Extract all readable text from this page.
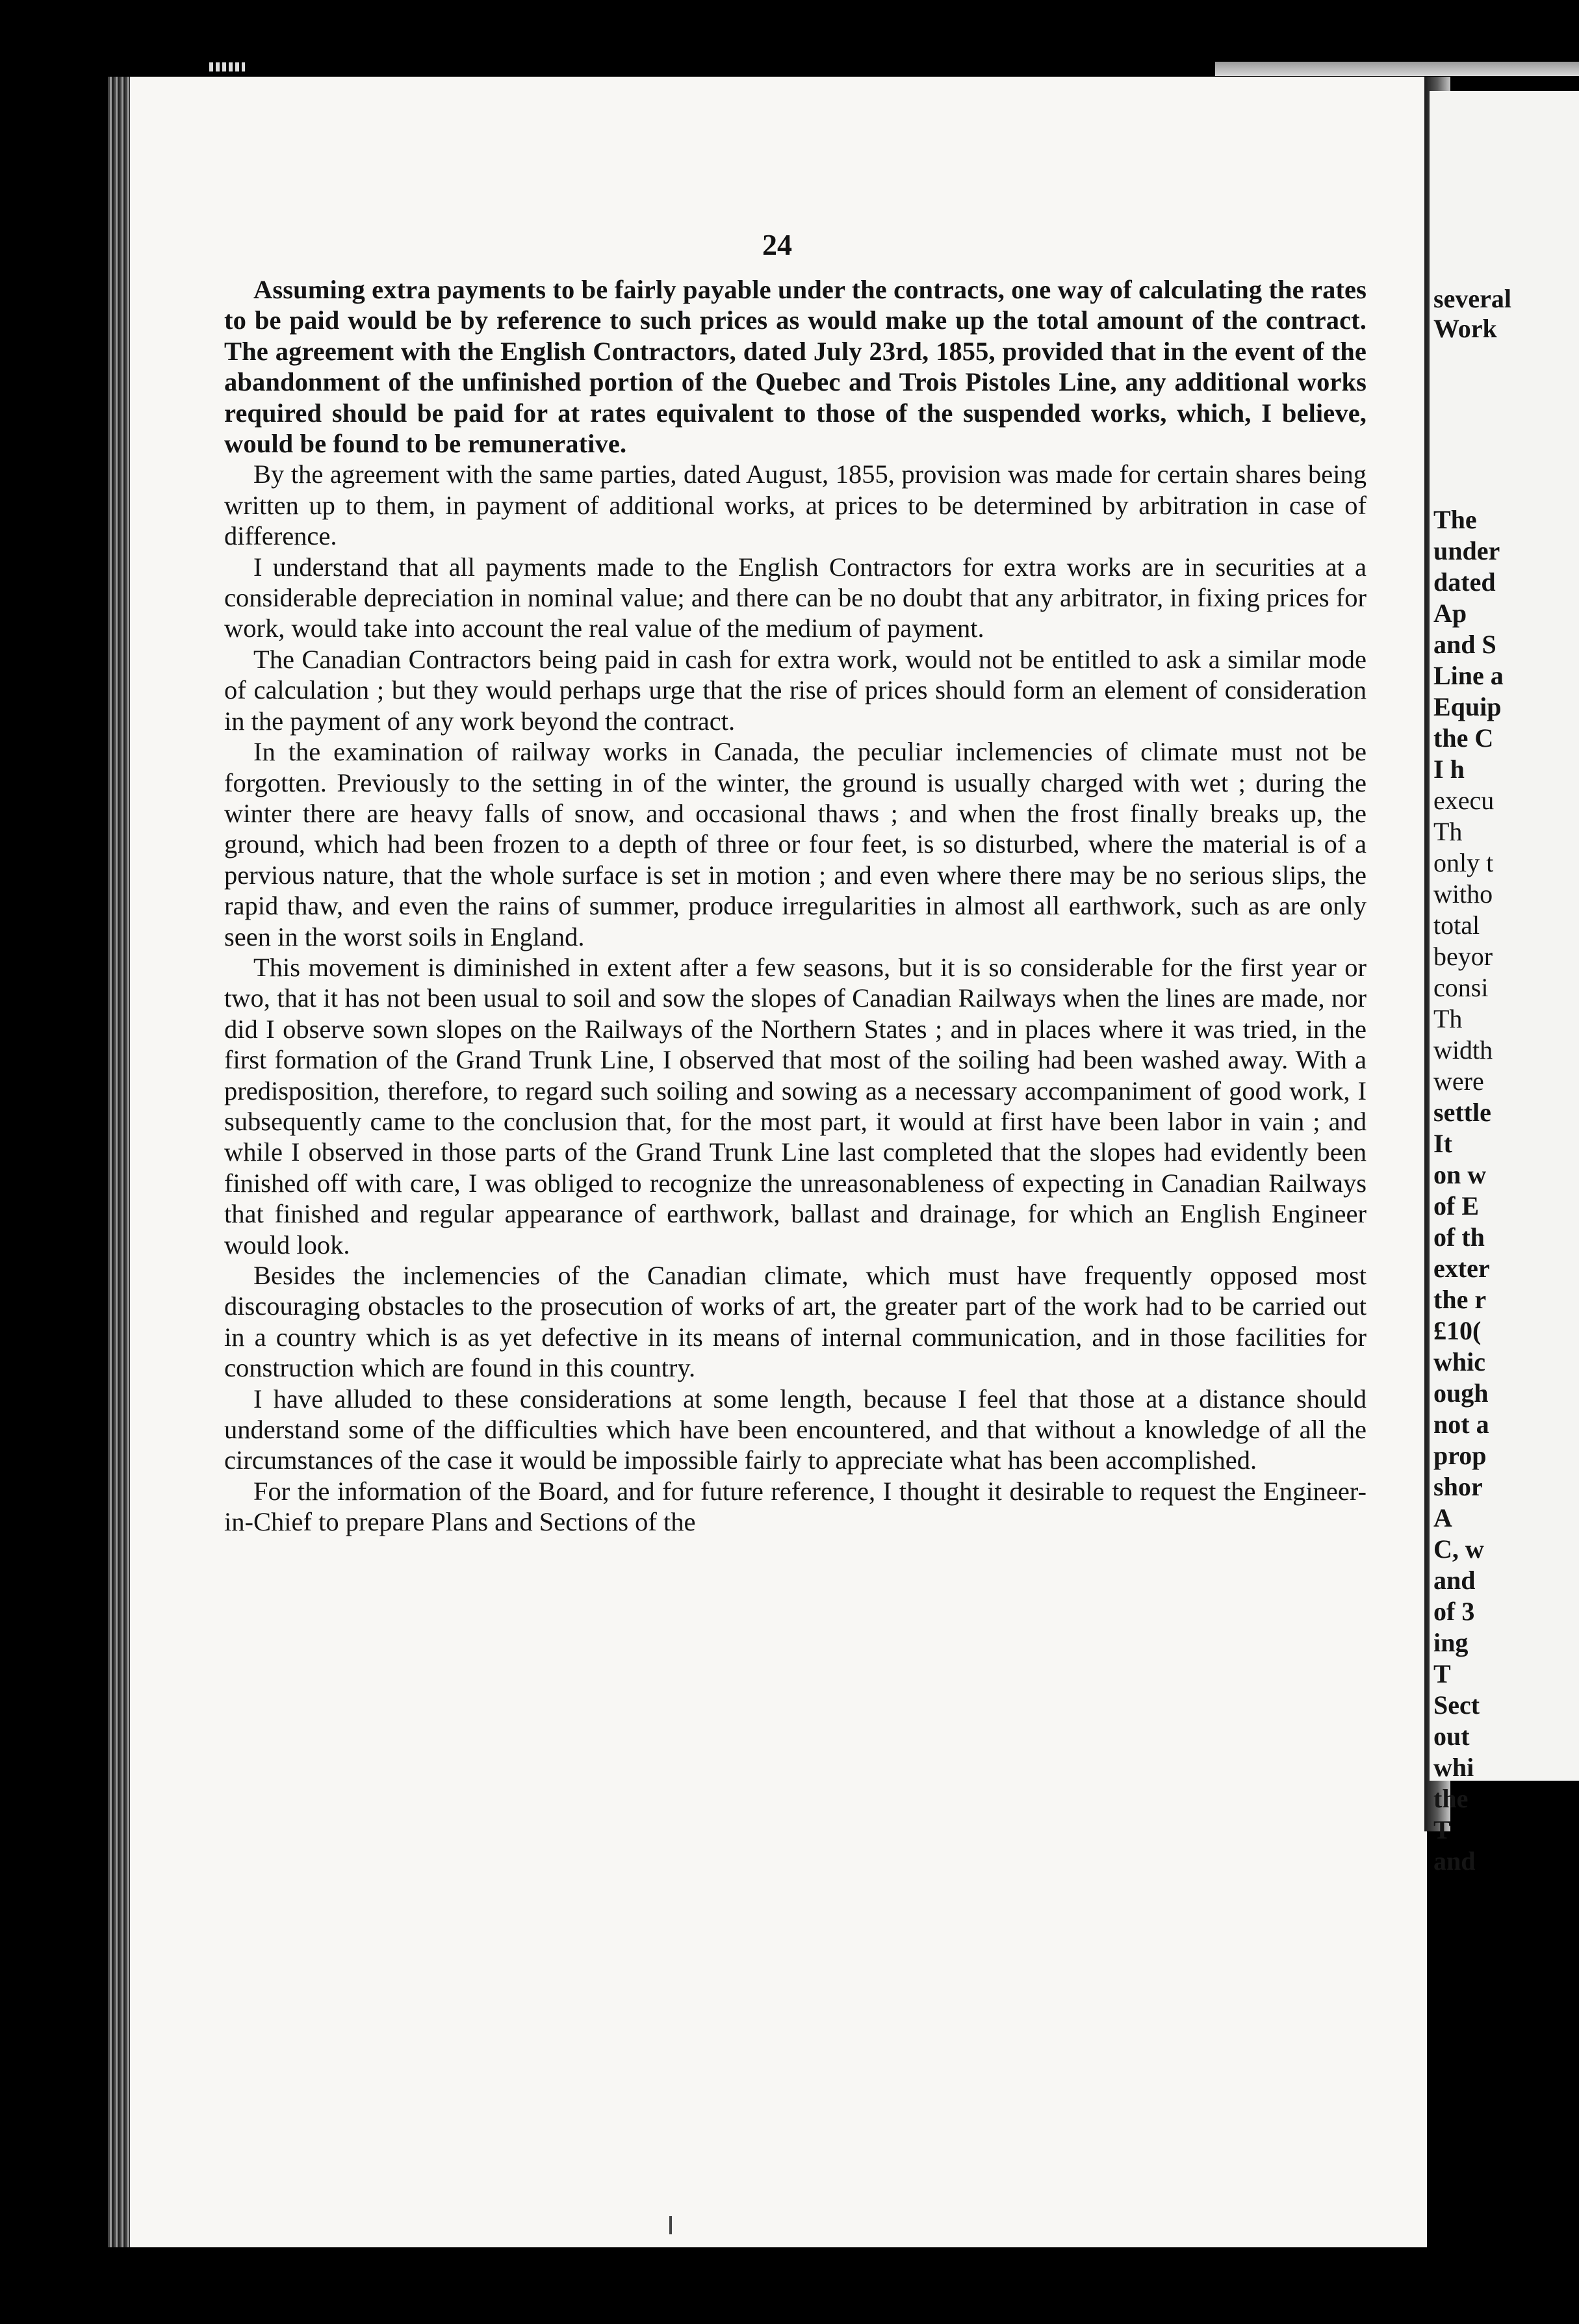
24

Assuming extra payments to be fairly payable under the contracts, one way of calculating the rates to be paid would be by reference to such prices as would make up the total amount of the contract. The agreement with the English Contractors, dated July 23rd, 1855, provided that in the event of the abandonment of the unfinished portion of the Quebec and Trois Pistoles Line, any additional works required should be paid for at rates equivalent to those of the suspended works, which, I believe, would be found to be remunerative.

By the agreement with the same parties, dated August, 1855, provision was made for certain shares being written up to them, in payment of additional works, at prices to be determined by arbitration in case of difference.

I understand that all payments made to the English Contractors for extra works are in securities at a considerable depreciation in nominal value; and there can be no doubt that any arbitrator, in fixing prices for work, would take into account the real value of the medium of payment.

The Canadian Contractors being paid in cash for extra work, would not be entitled to ask a similar mode of calculation ; but they would perhaps urge that the rise of prices should form an element of consideration in the payment of any work beyond the contract.

In the examination of railway works in Canada, the peculiar inclemencies of climate must not be forgotten. Previously to the setting in of the winter, the ground is usually charged with wet ; during the winter there are heavy falls of snow, and occasional thaws ; and when the frost finally breaks up, the ground, which had been frozen to a depth of three or four feet, is so disturbed, where the material is of a pervious nature, that the whole surface is set in motion ; and even where there may be no serious slips, the rapid thaw, and even the rains of summer, produce irregularities in almost all earthwork, such as are only seen in the worst soils in England.

This movement is diminished in extent after a few seasons, but it is so considerable for the first year or two, that it has not been usual to soil and sow the slopes of Canadian Railways when the lines are made, nor did I observe sown slopes on the Railways of the Northern States ; and in places where it was tried, in the first formation of the Grand Trunk Line, I observed that most of the soiling had been washed away. With a predisposition, therefore, to regard such soiling and sowing as a necessary accompaniment of good work, I subsequently came to the conclusion that, for the most part, it would at first have been labor in vain ; and while I observed in those parts of the Grand Trunk Line last completed that the slopes had evidently been finished off with care, I was obliged to recognize the unreasonableness of expecting in Canadian Railways that finished and regular appearance of earthwork, ballast and drainage, for which an English Engineer would look.

Besides the inclemencies of the Canadian climate, which must have frequently opposed most discouraging obstacles to the prosecution of works of art, the greater part of the work had to be carried out in a country which is as yet defective in its means of internal communication, and in those facilities for construction which are found in this country.

I have alluded to these considerations at some length, because I feel that those at a distance should understand some of the difficulties which have been encountered, and that without a knowledge of all the circumstances of the case it would be impossible fairly to appreciate what has been accomplished.

For the information of the Board, and for future reference, I thought it desirable to request the Engineer-in-Chief to prepare Plans and Sections of the

several
Work
The
under
dated
Ap
and S
Line a
Equip
the C
I h
execu
Th
only t
witho
total
beyor
consi
Th
width
were
settle
It
on w
of E
of th
exter
the r
£10(
whic
ough
not a
prop
shor
A
C, w
and
of 3
ing
T
Sect
out
whi
the
T
and
